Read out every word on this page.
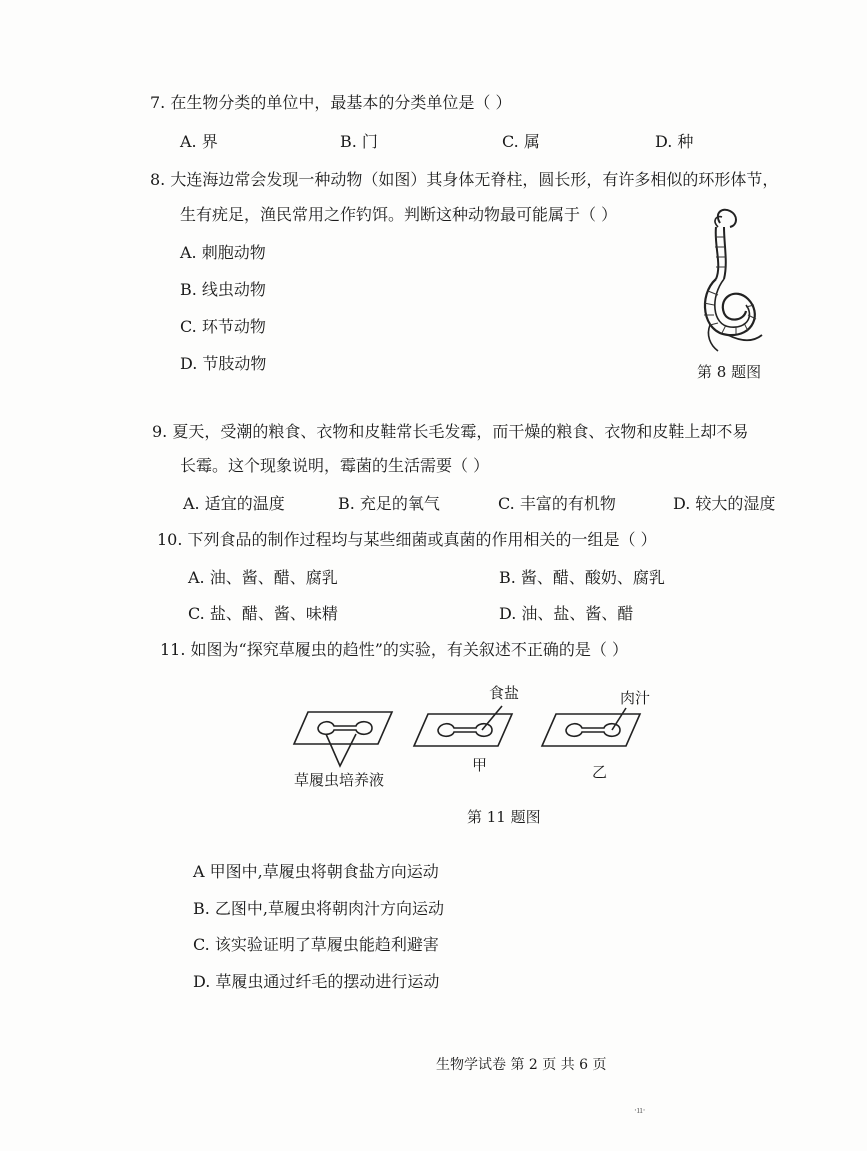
7. 在生物分类的单位中，最基本的分类单位是（ ）
A. 界	B. 门	C. 属	D. 种
8. 大连海边常会发现一种动物（如图）其身体无脊柱，圆长形，有许多相似的环形体节，
生有疣足，渔民常用之作钓饵。判断这种动物最可能属于（ ）
A. 刺胞动物
B. 线虫动物
C. 环节动物
D. 节肢动物	第 8 题图
9. 夏天，受潮的粮食、衣物和皮鞋常长毛发霉，而干燥的粮食、衣物和皮鞋上却不易
长霉。这个现象说明，霉菌的生活需要（ ）
A. 适宜的温度	B. 充足的氧气	C. 丰富的有机物	D. 较大的湿度
10. 下列食品的制作过程均与某些细菌或真菌的作用相关的一组是（ ）
A. 油、酱、醋、腐乳	B. 酱、醋、酸奶、腐乳
C. 盐、醋、酱、味精	D. 油、盐、酱、醋
11. 如图为“探究草履虫的趋性”的实验，有关叙述不正确的是（ ）
食盐	肉汁
草履虫培养液
甲	乙
第 11 题图
A 甲图中,草履虫将朝食盐方向运动
B. 乙图中,草履虫将朝肉汁方向运动
C. 该实验证明了草履虫能趋利避害
D. 草履虫通过纤毛的摆动进行运动
生物学试卷 第 2 页 共 6 页
·ıı·
